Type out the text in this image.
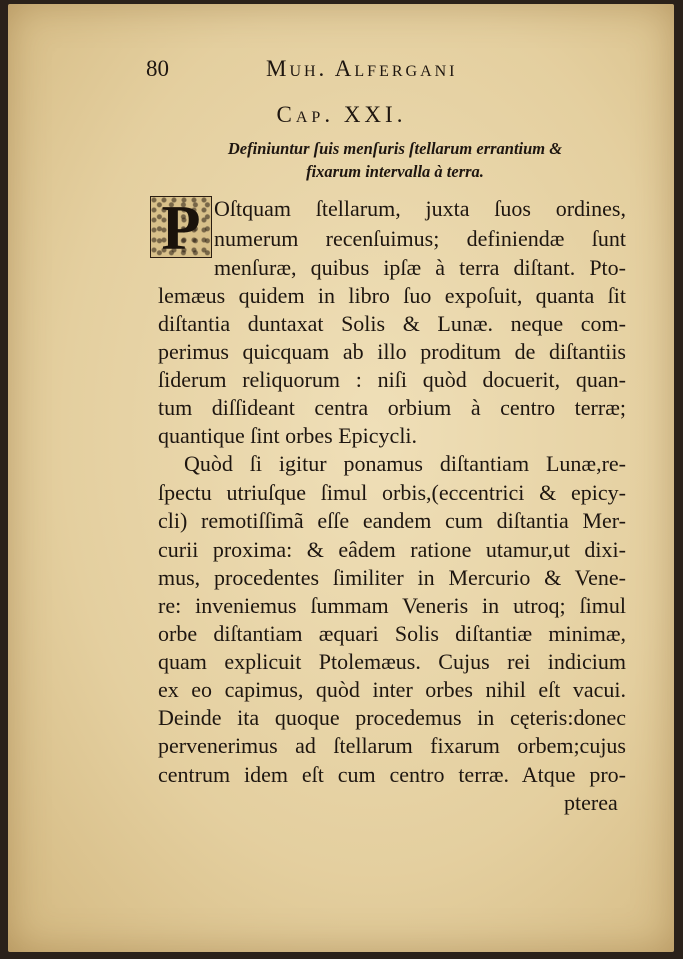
80	Muh. Alfergani
Cap. XXI.
Definiuntur ſuis menſuris ſtellarum errantium &
fixarum intervalla à terra.
P Oſtquam ſtellarum, juxta ſuos ordines,
numerum recenſuimus; definiendæ ſunt
menſuræ, quibus ipſæ à terra diſtant. Pto-
lemæus quidem in libro ſuo expoſuit, quanta ſit
diſtantia duntaxat Solis & Lunæ. neque com-
perimus quicquam ab illo proditum de diſtantiis
ſiderum reliquorum : niſi quòd docuerit, quan-
tum diſſideant centra orbium à centro terræ;
quantique ſint orbes Epicycli.
Quòd ſi igitur ponamus diſtantiam Lunæ,re-
ſpectu utriuſque ſimul orbis,(eccentrici & epicy-
cli) remotiſſimã eſſe eandem cum diſtantia Mer-
curii proxima: & eâdem ratione utamur,ut dixi-
mus, procedentes ſimiliter in Mercurio & Vene-
re: inveniemus ſummam Veneris in utroq; ſimul
orbe diſtantiam æquari Solis diſtantiæ minimæ,
quam explicuit Ptolemæus. Cujus rei indicium
ex eo capimus, quòd inter orbes nihil eſt vacui.
Deinde ita quoque procedemus in cęteris:donec
pervenerimus ad ſtellarum fixarum orbem;cujus
centrum idem eſt cum centro terræ. Atque pro-
pterea
